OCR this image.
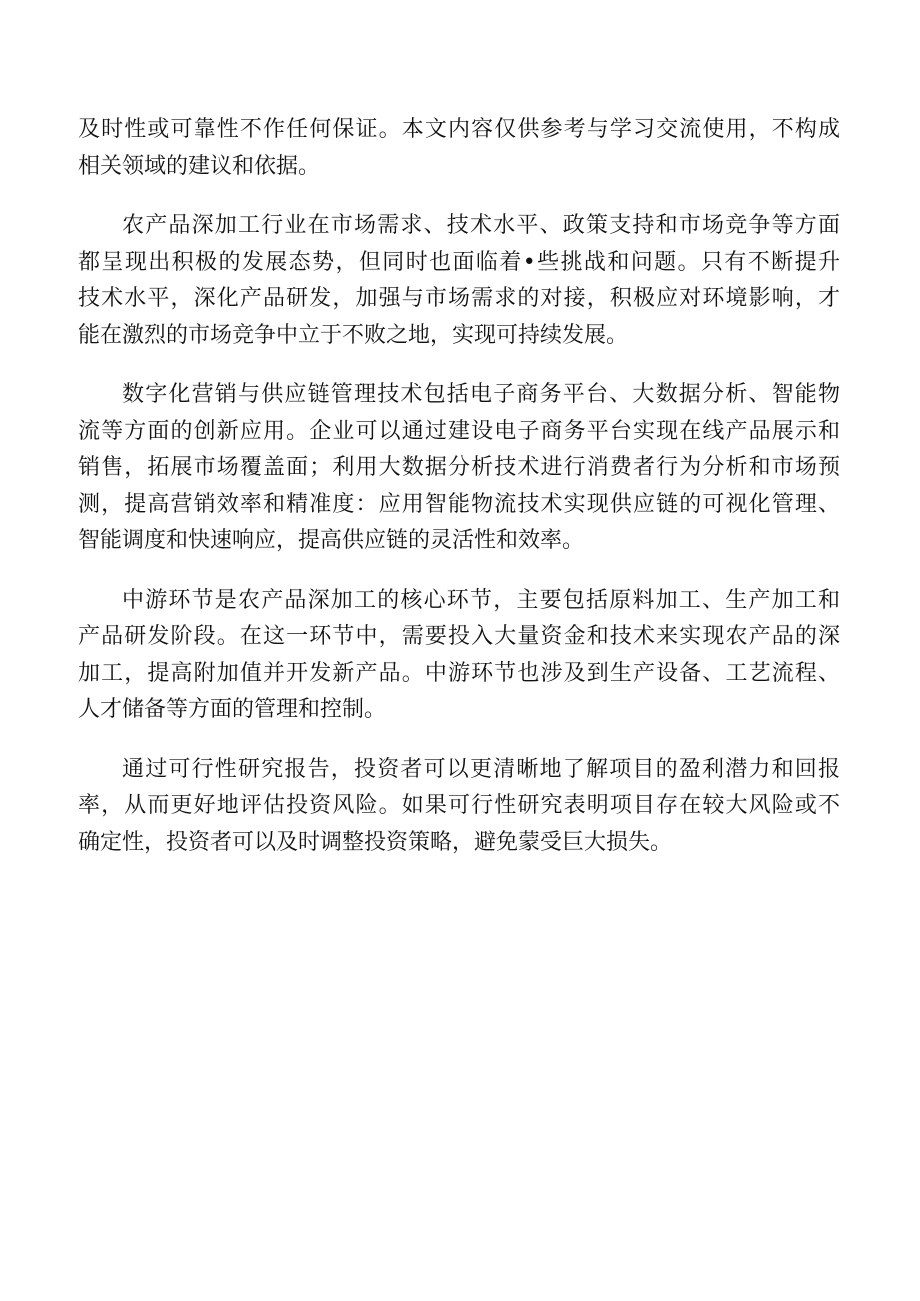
及时性或可靠性不作任何保证。本文内容仅供参考与学习交流使用，不构成
相关领域的建议和依据。
农产品深加工行业在市场需求、技术水平、政策支持和市场竞争等方面
都呈现出积极的发展态势，但同时也面临着•些挑战和问题。只有不断提升
技术水平，深化产品研发，加强与市场需求的对接，积极应对环境影响，才
能在激烈的市场竞争中立于不败之地，实现可持续发展。
数字化营销与供应链管理技术包括电子商务平台、大数据分析、智能物
流等方面的创新应用。企业可以通过建设电子商务平台实现在线产品展示和
销售，拓展市场覆盖面；利用大数据分析技术进行消费者行为分析和市场预
测，提高营销效率和精准度：应用智能物流技术实现供应链的可视化管理、
智能调度和快速响应，提高供应链的灵活性和效率。
中游环节是农产品深加工的核心环节，主要包括原料加工、生产加工和
产品研发阶段。在这一环节中，需要投入大量资金和技术来实现农产品的深
加工，提高附加值并开发新产品。中游环节也涉及到生产设备、工艺流程、
人才储备等方面的管理和控制。
通过可行性研究报告，投资者可以更清晰地了解项目的盈利潜力和回报
率，从而更好地评估投资风险。如果可行性研究表明项目存在较大风险或不
确定性，投资者可以及时调整投资策略，避免蒙受巨大损失。
